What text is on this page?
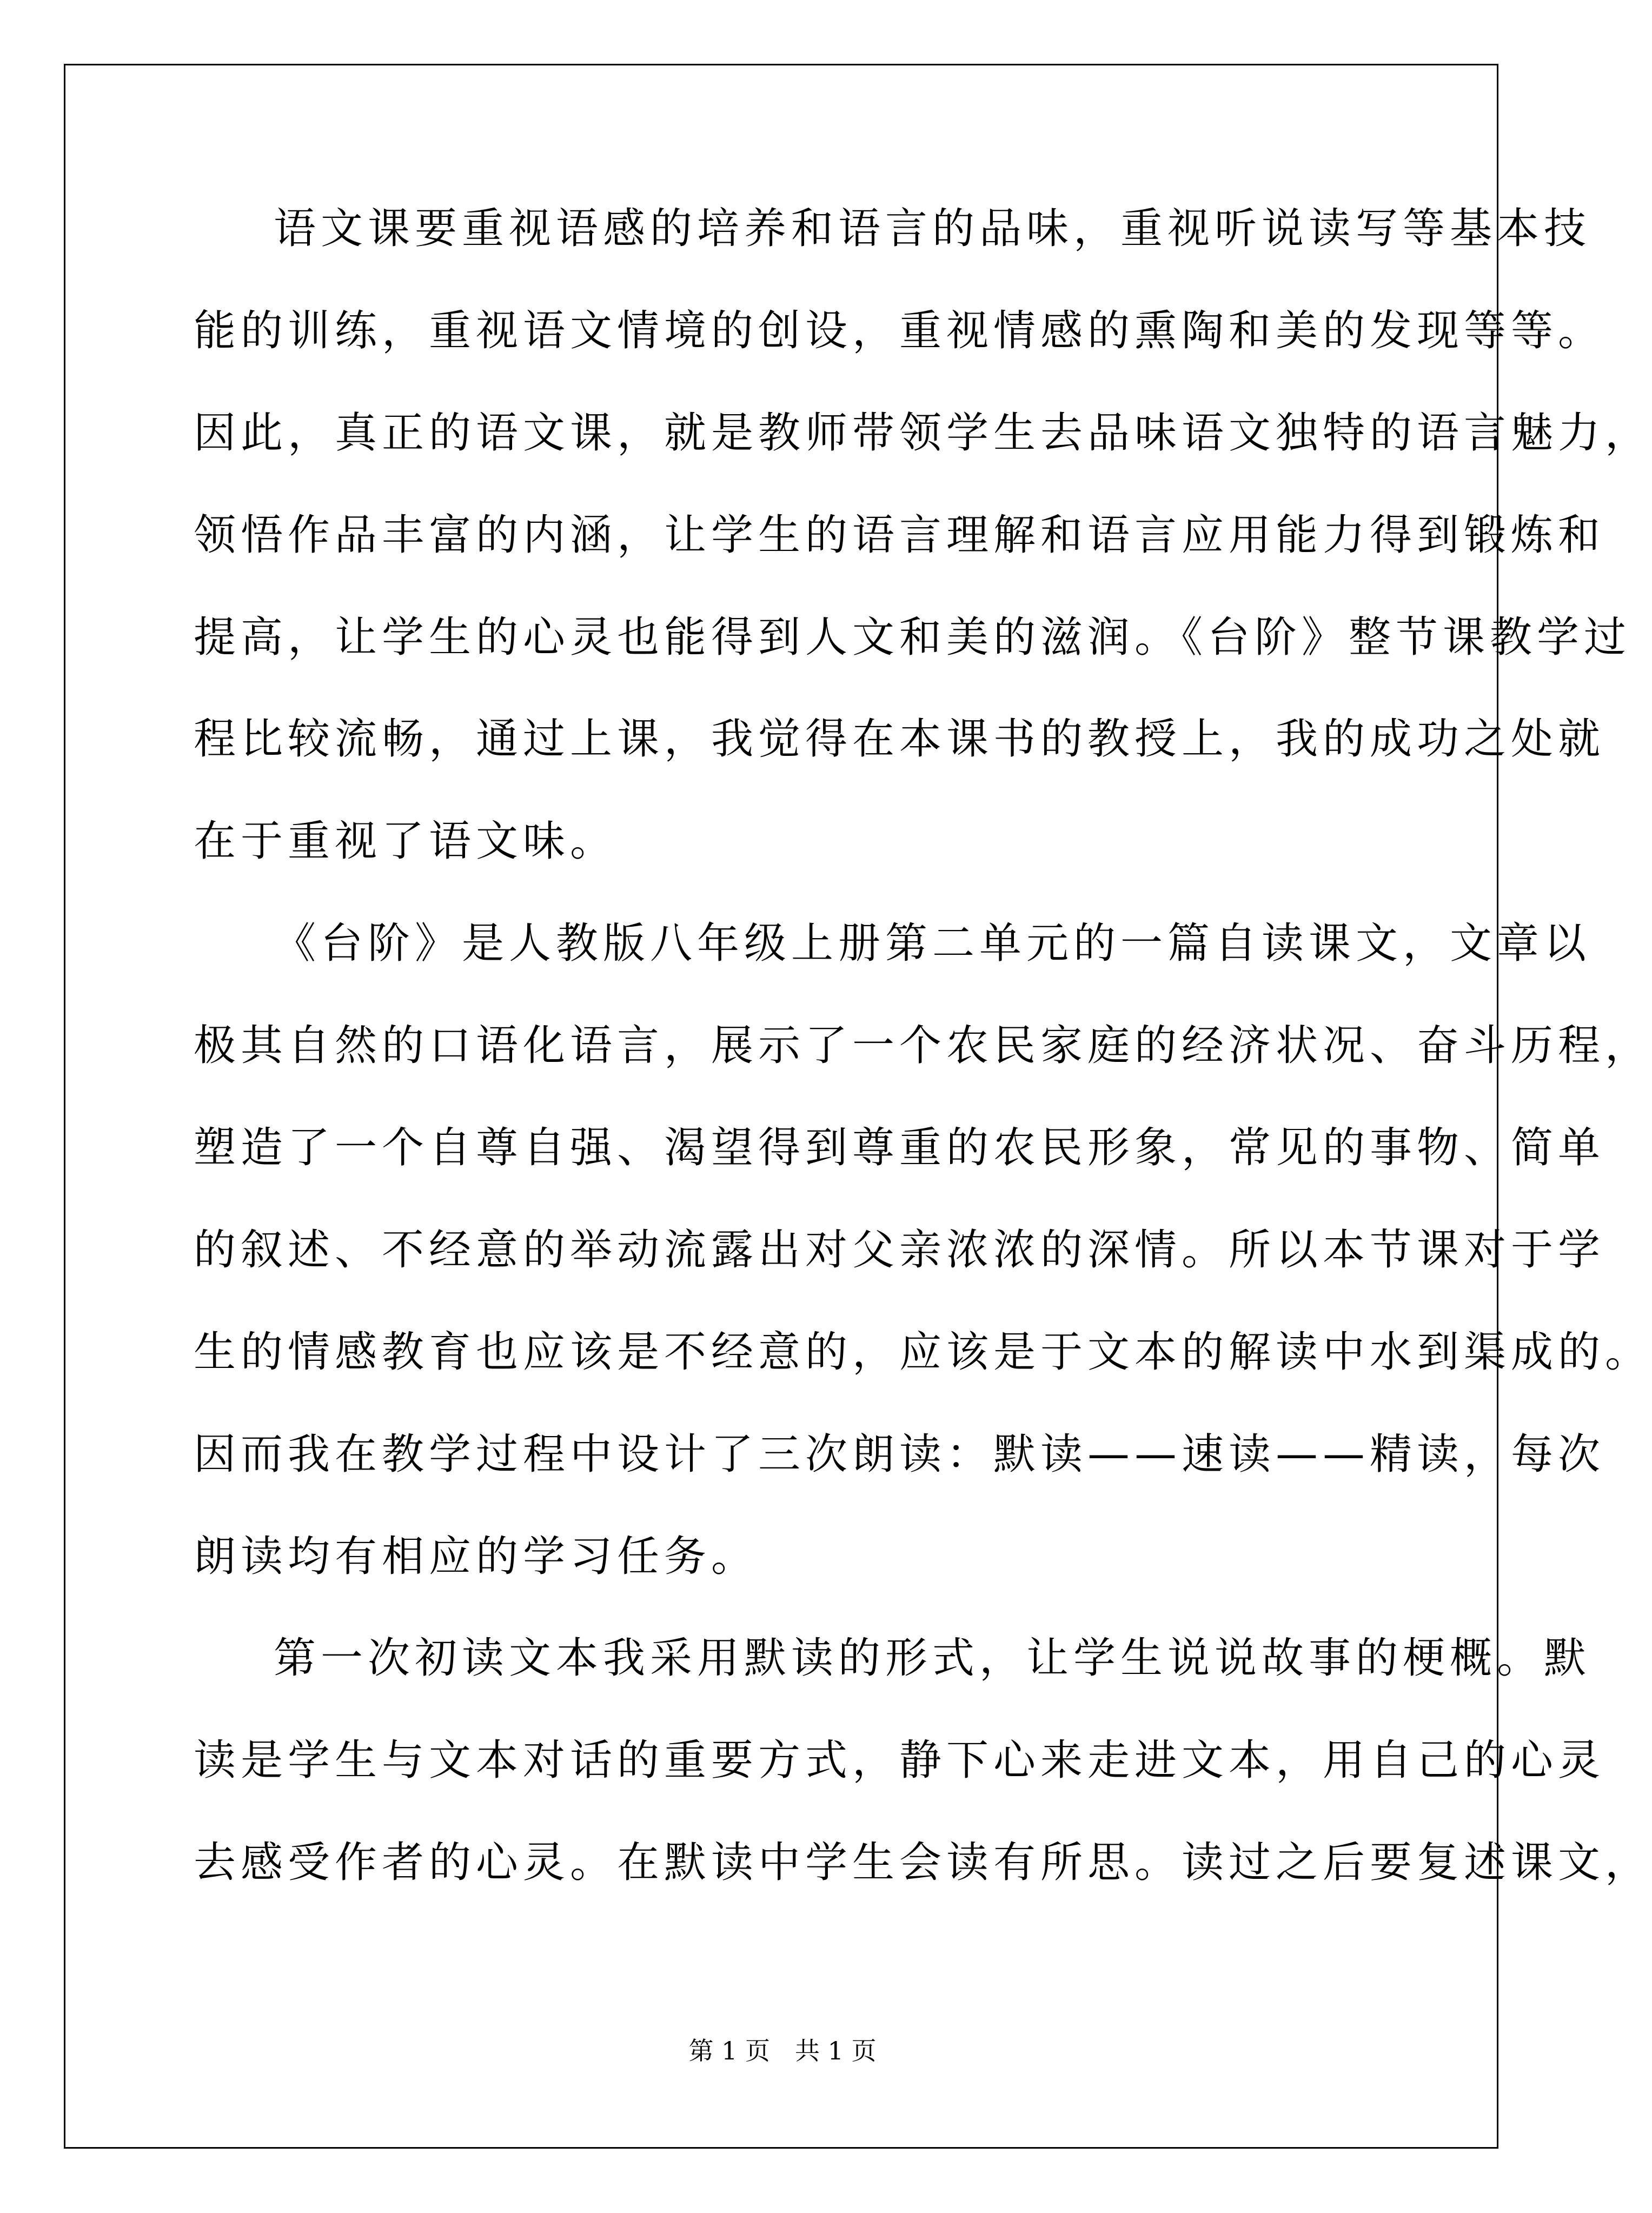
语文课要重视语感的培养和语言的品味，重视听说读写等基本技
能的训练，重视语文情境的创设，重视情感的熏陶和美的发现等等。
因此，真正的语文课，就是教师带领学生去品味语文独特的语言魅力，
领悟作品丰富的内涵，让学生的语言理解和语言应用能力得到锻炼和
提高，让学生的心灵也能得到人文和美的滋润。《台阶》整节课教学过
程比较流畅，通过上课，我觉得在本课书的教授上，我的成功之处就
在于重视了语文味。
《台阶》是人教版八年级上册第二单元的一篇自读课文，文章以
极其自然的口语化语言，展示了一个农民家庭的经济状况、奋斗历程，
塑造了一个自尊自强、渴望得到尊重的农民形象，常见的事物、简单
的叙述、不经意的举动流露出对父亲浓浓的深情。所以本节课对于学
生的情感教育也应该是不经意的，应该是于文本的解读中水到渠成的。
因而我在教学过程中设计了三次朗读：默读——速读——精读，每次
朗读均有相应的学习任务。
第一次初读文本我采用默读的形式，让学生说说故事的梗概。默
读是学生与文本对话的重要方式，静下心来走进文本，用自己的心灵
去感受作者的心灵。在默读中学生会读有所思。读过之后要复述课文，
第 1 页　共 1 页
